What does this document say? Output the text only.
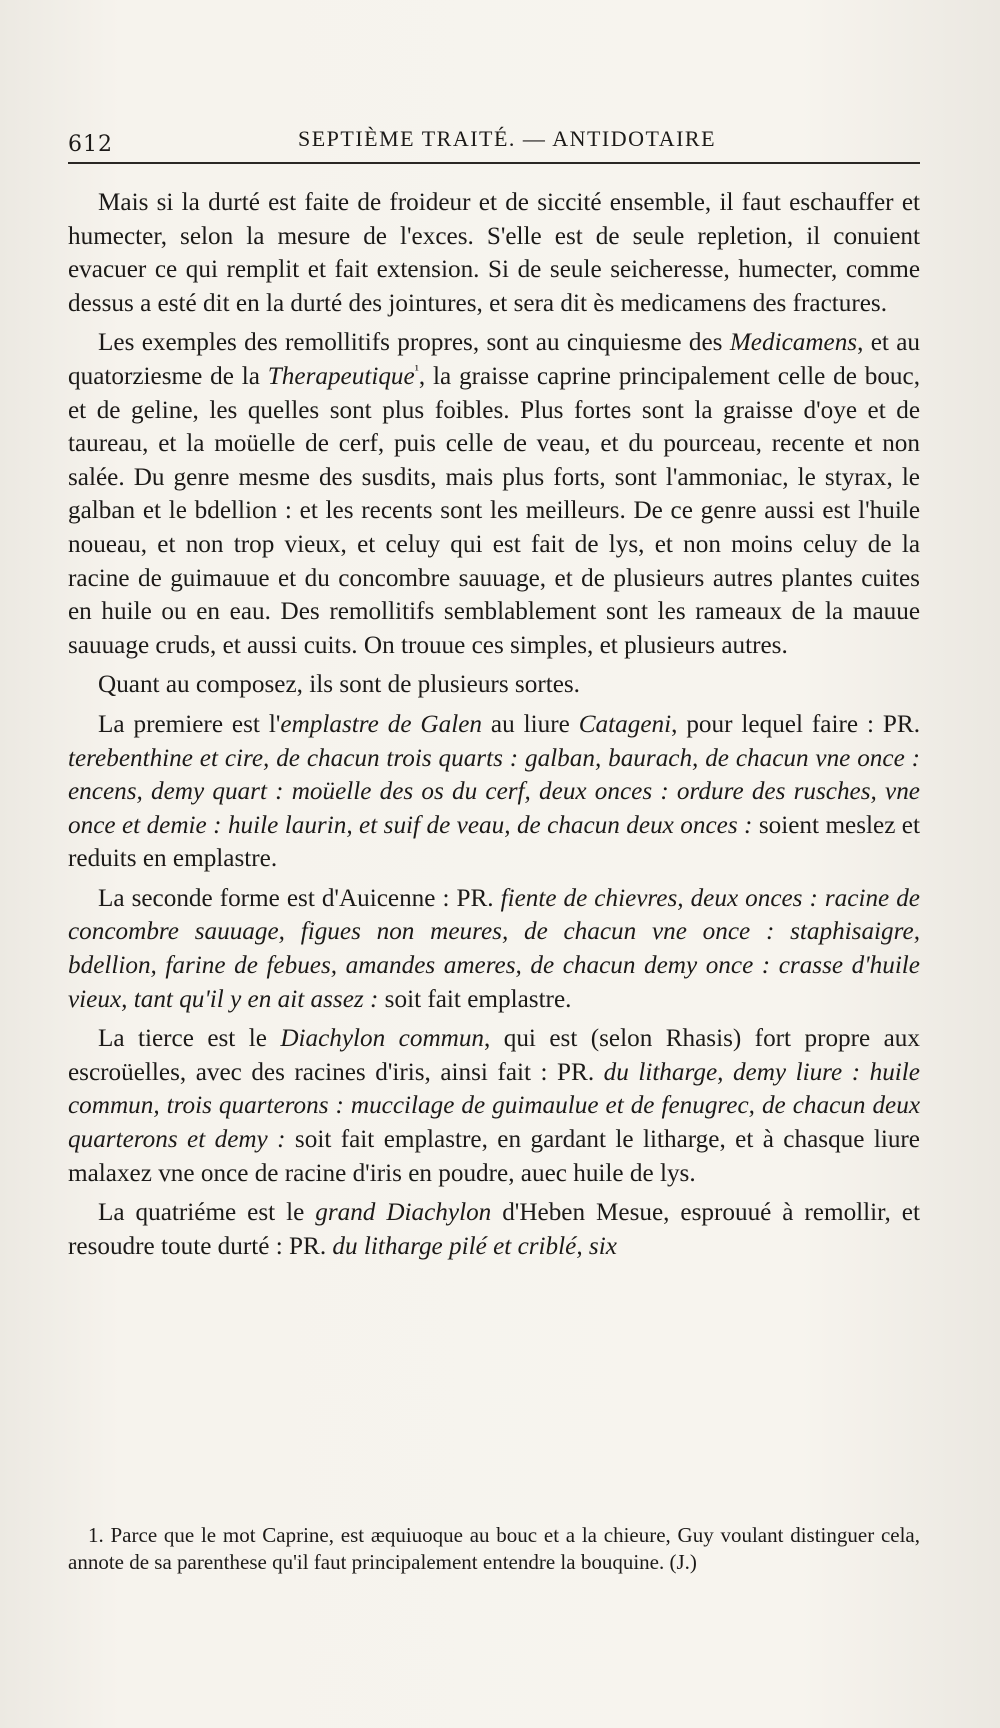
612	SEPTIÈME TRAITÉ. — ANTIDOTAIRE

Mais si la durté est faite de froideur et de siccité ensemble, il faut eschauffer et humecter, selon la mesure de l'exces. S'elle est de seule repletion, il conuient evacuer ce qui remplit et fait extension. Si de seule seicheresse, humecter, comme dessus a esté dit en la durté des jointures, et sera dit ès medicamens des fractures.

Les exemples des remollitifs propres, sont au cinquiesme des Medicamens, et au quatorziesme de la Therapeutique$^{^1}$, la graisse caprine principalement celle de bouc, et de geline, les quelles sont plus foibles. Plus fortes sont la graisse d'oye et de taureau, et la moüelle de cerf, puis celle de veau, et du pourceau, recente et non salée. Du genre mesme des susdits, mais plus forts, sont l'ammoniac, le styrax, le galban et le bdellion : et les recents sont les meilleurs. De ce genre aussi est l'huile noueau, et non trop vieux, et celuy qui est fait de lys, et non moins celuy de la racine de guimauue et du concombre sauuage, et de plusieurs autres plantes cuites en huile ou en eau. Des remollitifs semblablement sont les rameaux de la mauue sauuage cruds, et aussi cuits. On trouue ces simples, et plusieurs autres.

Quant au composez, ils sont de plusieurs sortes.

La premiere est l'emplastre de Galen au liure Catageni, pour lequel faire : PR. terebenthine et cire, de chacun trois quarts : galban, baurach, de chacun vne once : encens, demy quart : moüelle des os du cerf, deux onces : ordure des rusches, vne once et demie : huile laurin, et suif de veau, de chacun deux onces : soient meslez et reduits en emplastre.

La seconde forme est d'Auicenne : PR. fiente de chievres, deux onces : racine de concombre sauuage, figues non meures, de chacun vne once : staphisaigre, bdellion, farine de febues, amandes ameres, de chacun demy once : crasse d'huile vieux, tant qu'il y en ait assez : soit fait emplastre.

La tierce est le Diachylon commun, qui est (selon Rhasis) fort propre aux escroüelles, avec des racines d'iris, ainsi fait : PR. du litharge, demy liure : huile commun, trois quarterons : muccilage de guimaulue et de fenugrec, de chacun deux quarterons et demy : soit fait emplastre, en gardant le litharge, et à chasque liure malaxez vne once de racine d'iris en poudre, auec huile de lys.

La quatriéme est le grand Diachylon d'Heben Mesue, esprouué à remollir, et resoudre toute durté : PR. du litharge pilé et criblé, six

1. Parce que le mot Caprine, est æquiuoque au bouc et a la chieure, Guy voulant distinguer cela, annote de sa parenthese qu'il faut principalement entendre la bouquine. (J.)
